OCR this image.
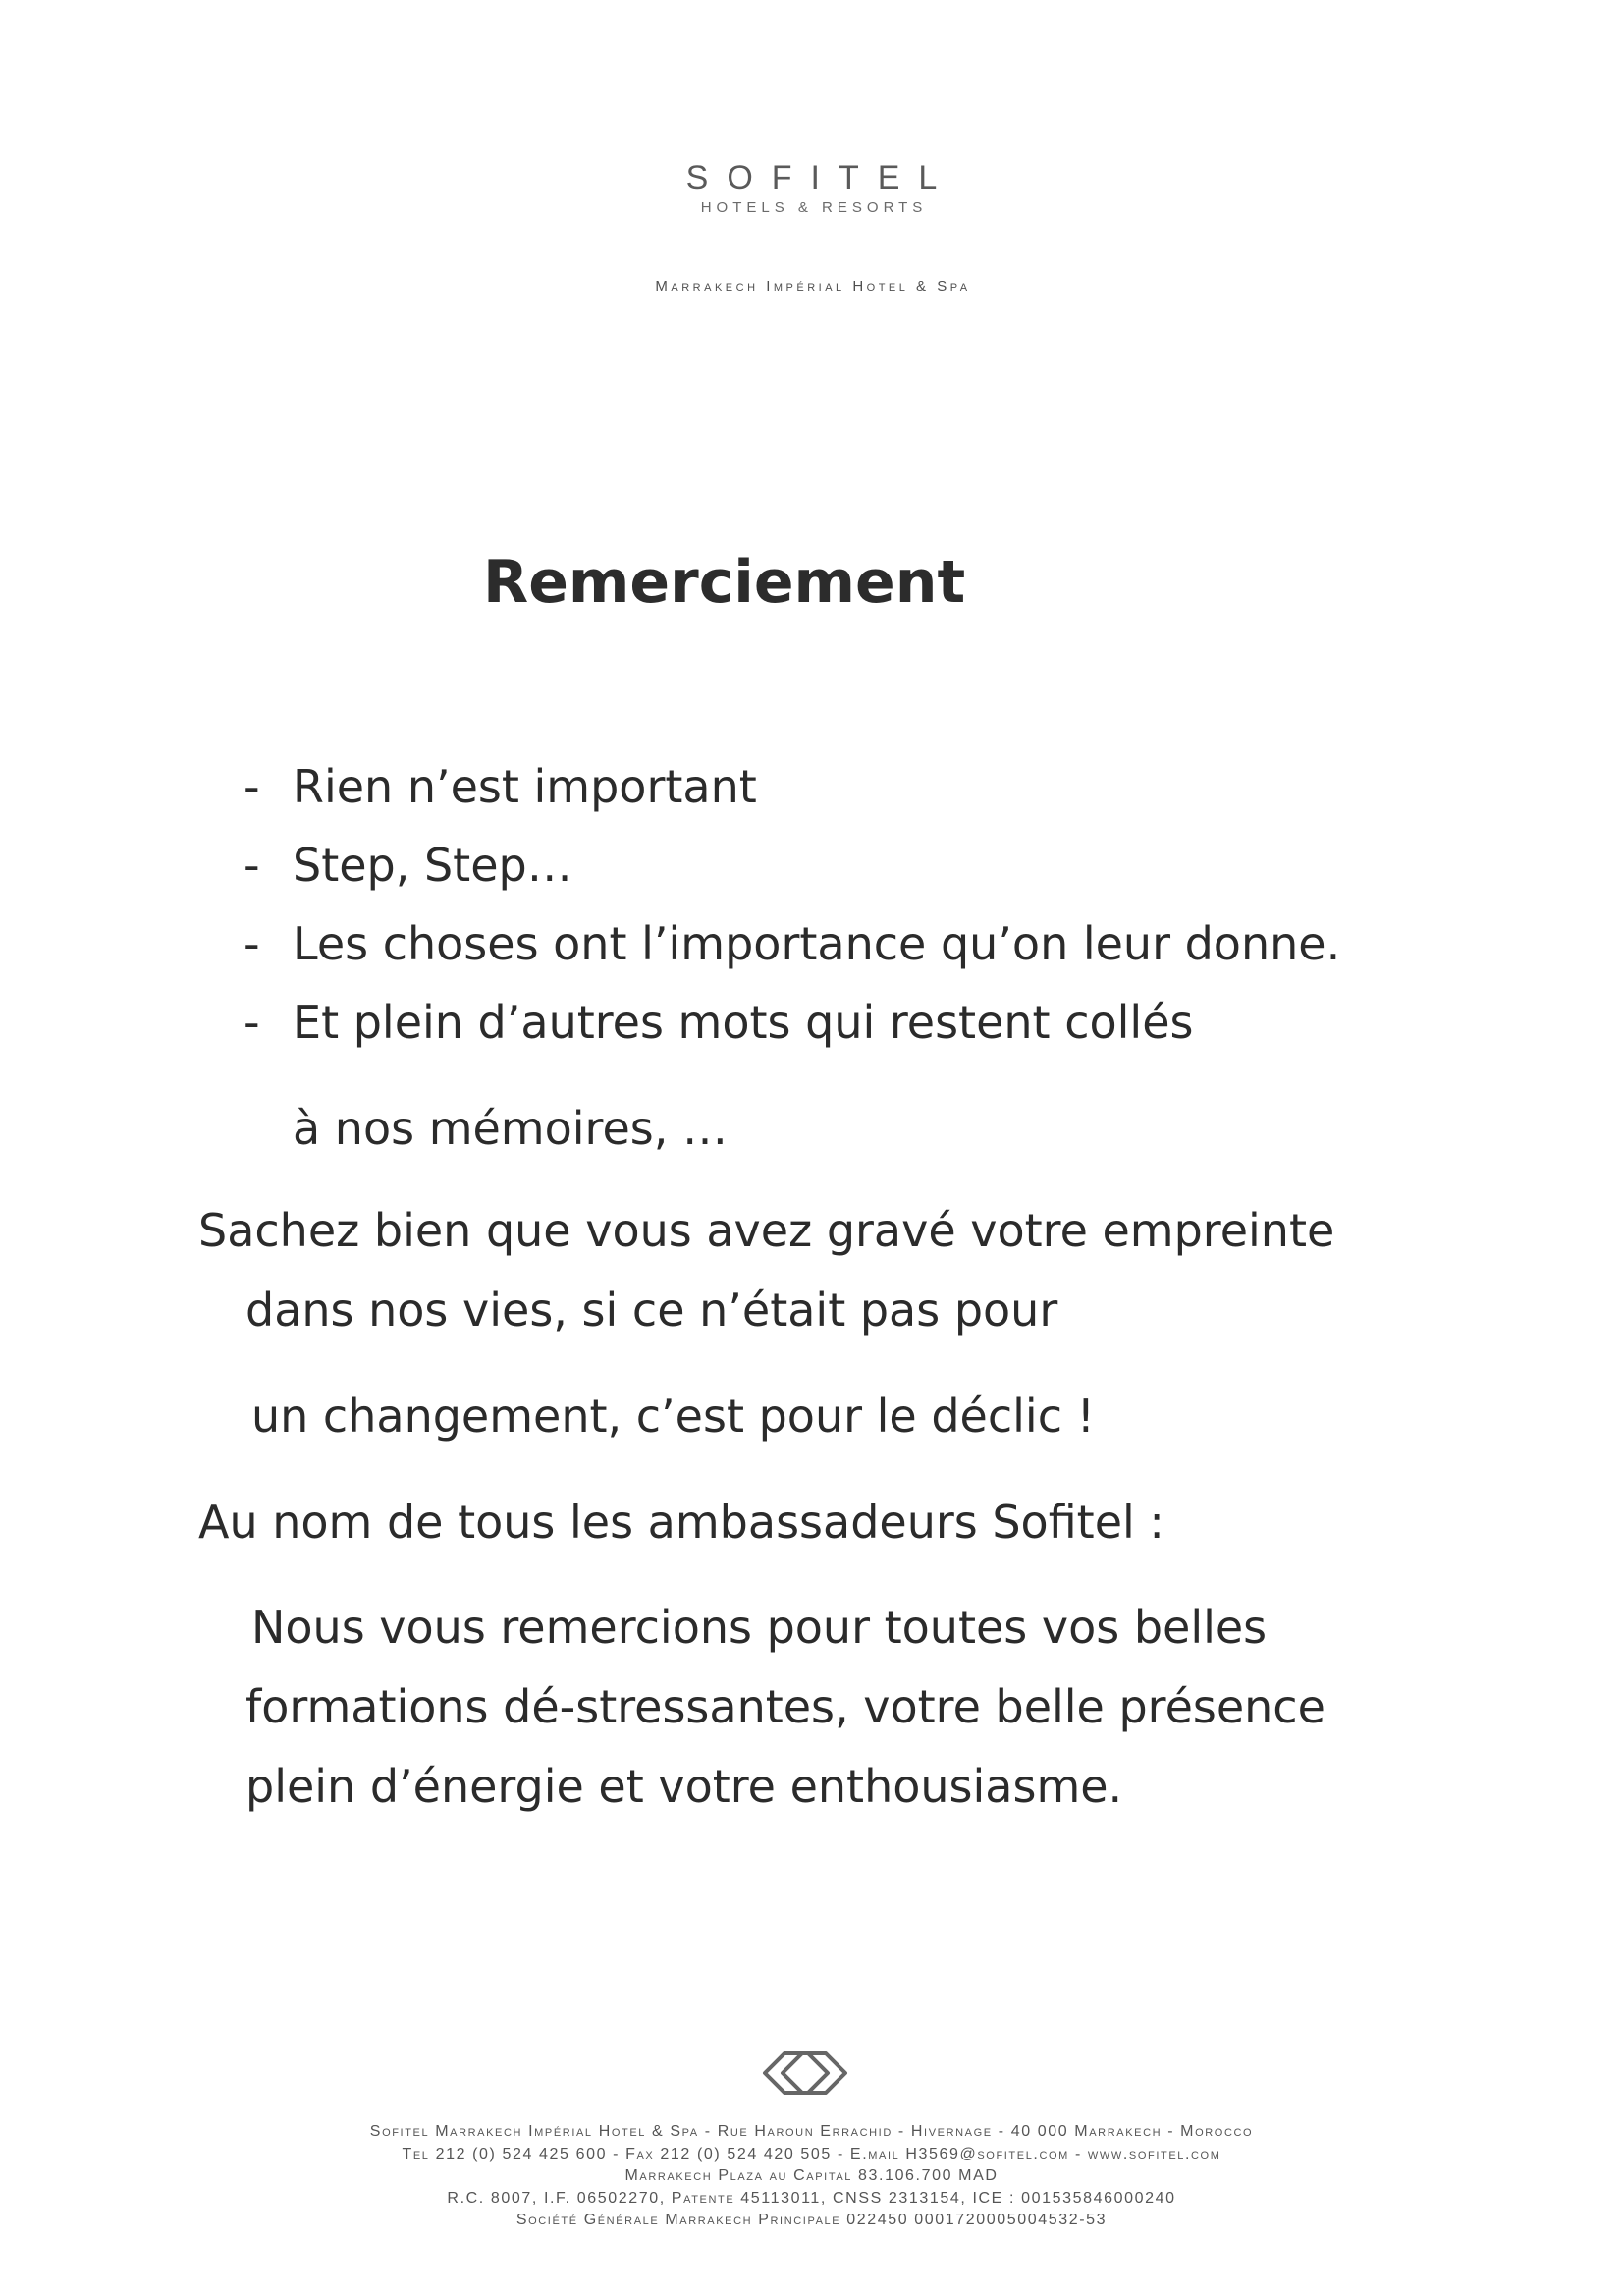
SOFITEL
HOTELS & RESORTS
Marrakech Impérial Hotel & Spa
Remerciement
- Rien n’est important
- Step, Step…
- Les choses ont l’importance qu’on leur donne.
- Et plein d’autres mots qui restent collés
à nos mémoires, …
Sachez bien que vous avez gravé votre empreinte
dans nos vies, si ce n’était pas pour
un changement, c’est pour le déclic !
Au nom de tous les ambassadeurs Sofitel :
Nous vous remercions pour toutes vos belles
formations dé-stressantes, votre belle présence
plein d’énergie et votre enthousiasme.
Sofitel Marrakech Impérial Hotel & Spa - Rue Haroun Errachid - Hivernage - 40 000 Marrakech - Morocco
Tel 212 (0) 524 425 600 - Fax 212 (0) 524 420 505 - E.mail H3569@sofitel.com - www.sofitel.com
Marrakech Plaza au Capital 83.106.700 MAD
R.C. 8007, I.F. 06502270, Patente 45113011, CNSS 2313154, ICE : 001535846000240
Société Générale Marrakech Principale 022450 0001720005004532-53
